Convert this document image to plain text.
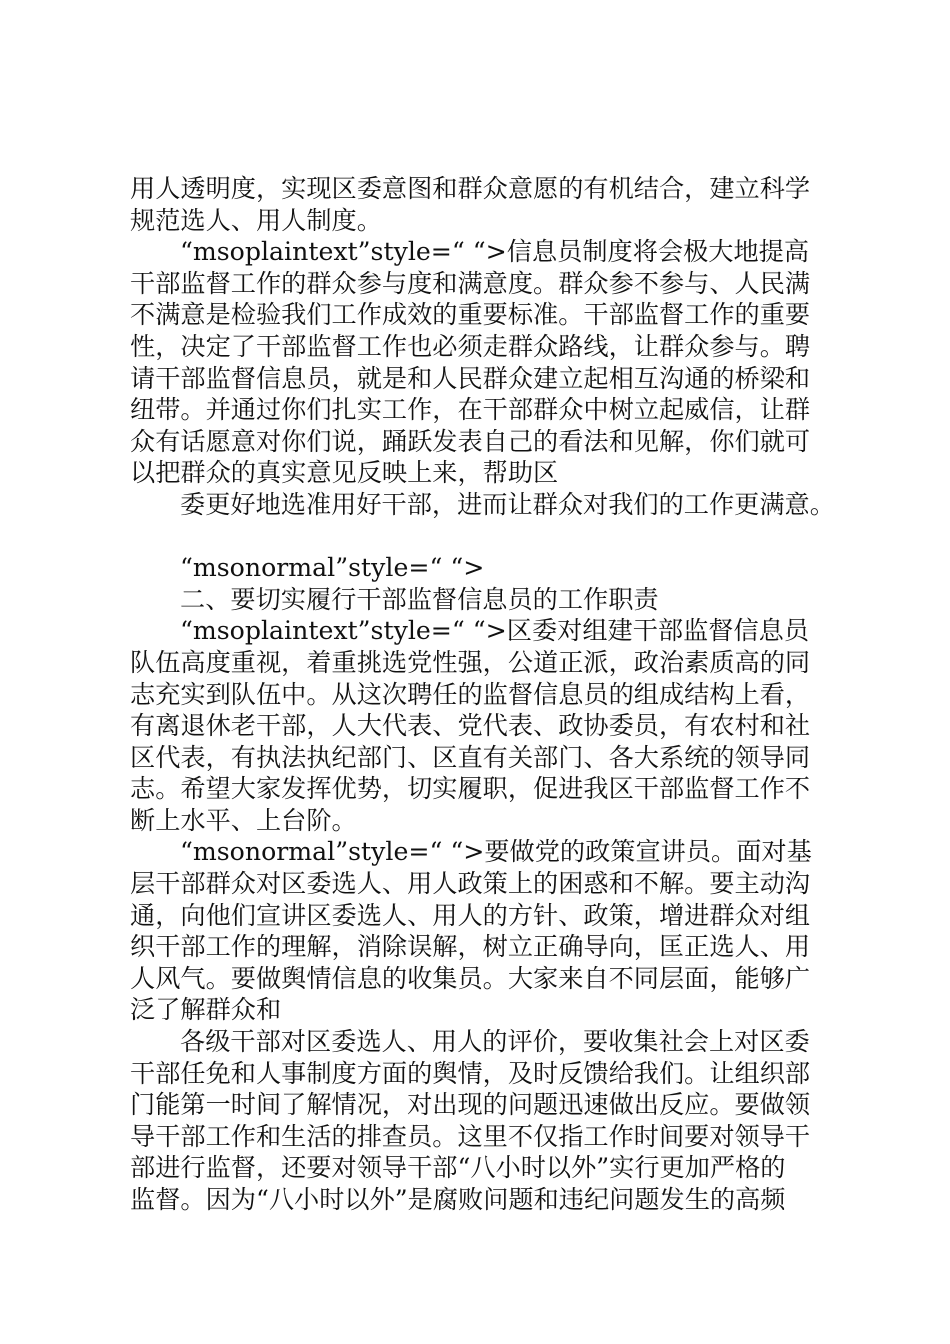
用人透明度，实现区委意图和群众意愿的有机结合，建立科学
规范选人、用人制度。
“msoplaintext”style=“ “>信息员制度将会极大地提高
干部监督工作的群众参与度和满意度。群众参不参与、人民满
不满意是检验我们工作成效的重要标准。干部监督工作的重要
性，决定了干部监督工作也必须走群众路线，让群众参与。聘
请干部监督信息员，就是和人民群众建立起相互沟通的桥梁和
纽带。并通过你们扎实工作，在干部群众中树立起威信，让群
众有话愿意对你们说，踊跃发表自己的看法和见解，你们就可
以把群众的真实意见反映上来，帮助区
委更好地选准用好干部，进而让群众对我们的工作更满意。
“msonormal”style=“ “>
二、要切实履行干部监督信息员的工作职责
“msoplaintext”style=“ “>区委对组建干部监督信息员
队伍高度重视，着重挑选党性强，公道正派，政治素质高的同
志充实到队伍中。从这次聘任的监督信息员的组成结构上看，
有离退休老干部，人大代表、党代表、政协委员，有农村和社
区代表，有执法执纪部门、区直有关部门、各大系统的领导同
志。希望大家发挥优势，切实履职，促进我区干部监督工作不
断上水平、上台阶。
“msonormal”style=“ “>要做党的政策宣讲员。面对基
层干部群众对区委选人、用人政策上的困惑和不解。要主动沟
通，向他们宣讲区委选人、用人的方针、政策，增进群众对组
织干部工作的理解，消除误解，树立正确导向，匡正选人、用
人风气。要做舆情信息的收集员。大家来自不同层面，能够广
泛了解群众和
各级干部对区委选人、用人的评价，要收集社会上对区委
干部任免和人事制度方面的舆情，及时反馈给我们。让组织部
门能第一时间了解情况，对出现的问题迅速做出反应。要做领
导干部工作和生活的排查员。这里不仅指工作时间要对领导干
部进行监督，还要对领导干部“八小时以外”实行更加严格的
监督。因为“八小时以外”是腐败问题和违纪问题发生的高频
